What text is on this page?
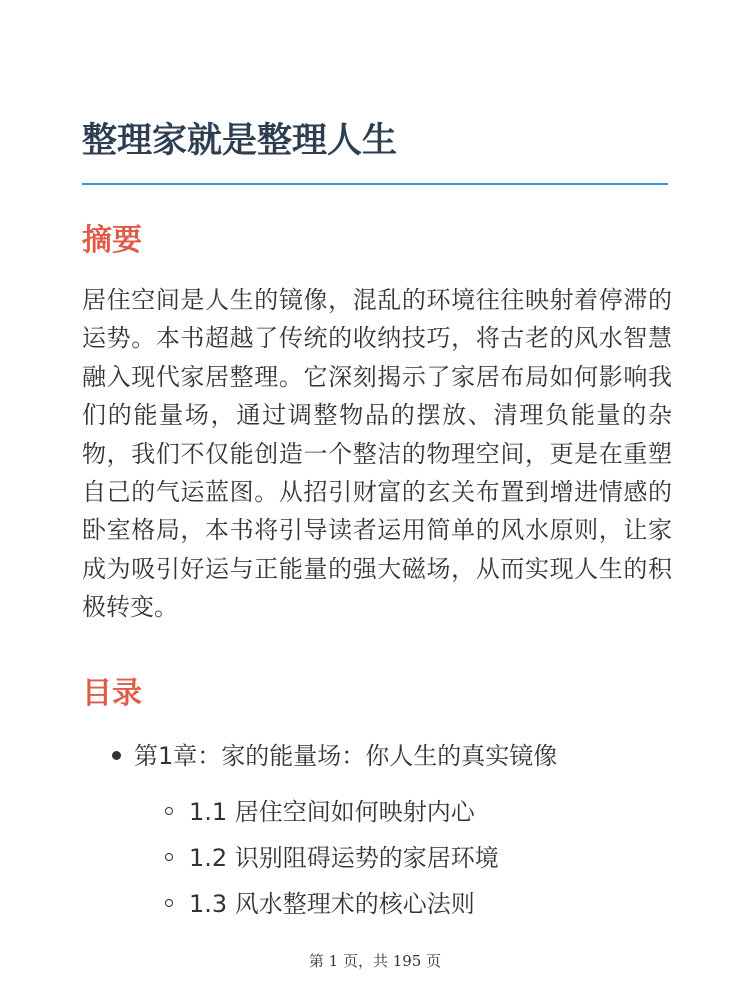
整理家就是整理人生
摘要

居住空间是人生的镜像，混乱的环境往往映射着停滞的运势。本书超越了传统的收纳技巧，将古老的风水智慧融入现代家居整理。它深刻揭示了家居布局如何影响我们的能量场，通过调整物品的摆放、清理负能量的杂物，我们不仅能创造一个整洁的物理空间，更是在重塑自己的气运蓝图。从招引财富的玄关布置到增进情感的卧室格局，本书将引导读者运用简单的风水原则，让家成为吸引好运与正能量的强大磁场，从而实现人生的积极转变。

目录
第1章：家的能量场：你人生的真实镜像
1.1 居住空间如何映射内心
1.2 识别阻碍运势的家居环境
1.3 风水整理术的核心法则
第 1 页，共 195 页
